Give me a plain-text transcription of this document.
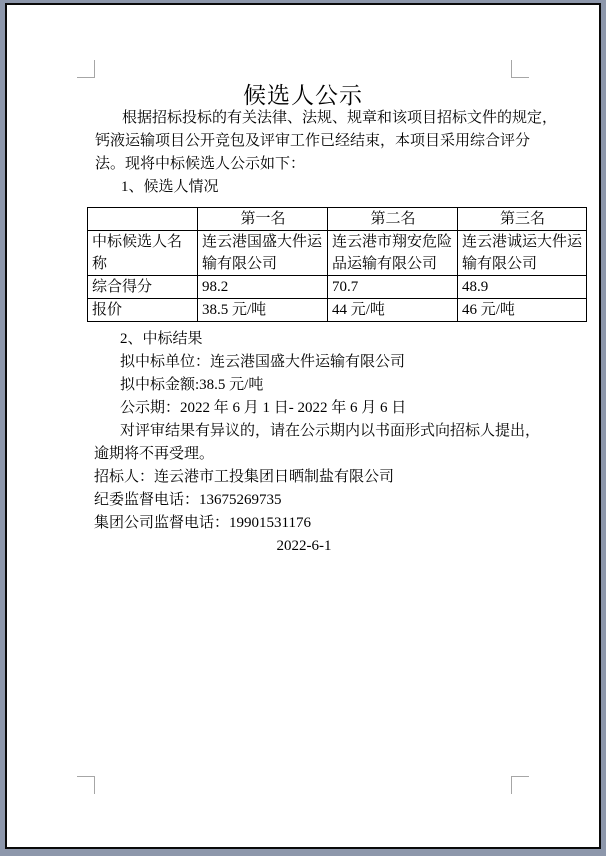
候选人公示
根据招标投标的有关法律、法规、规章和该项目招标文件的规定，
钙液运输项目公开竞包及评审工作已经结束，本项目采用综合评分
法。现将中标候选人公示如下：
1、候选人情况
	第一名	第二名	第三名
中标候选人名称	连云港国盛大件运输有限公司	连云港市翔安危险品运输有限公司	连云港诚运大件运输有限公司
综合得分	98.2	70.7	48.9
报价	38.5 元/吨	44 元/吨	46 元/吨
2、中标结果
拟中标单位：连云港国盛大件运输有限公司
拟中标金额:38.5 元/吨
公示期：2022 年 6 月 1 日- 2022 年 6 月 6 日
对评审结果有异议的，请在公示期内以书面形式向招标人提出，
逾期将不再受理。
招标人：连云港市工投集团日晒制盐有限公司
纪委监督电话：13675269735
集团公司监督电话：19901531176
2022-6-1
